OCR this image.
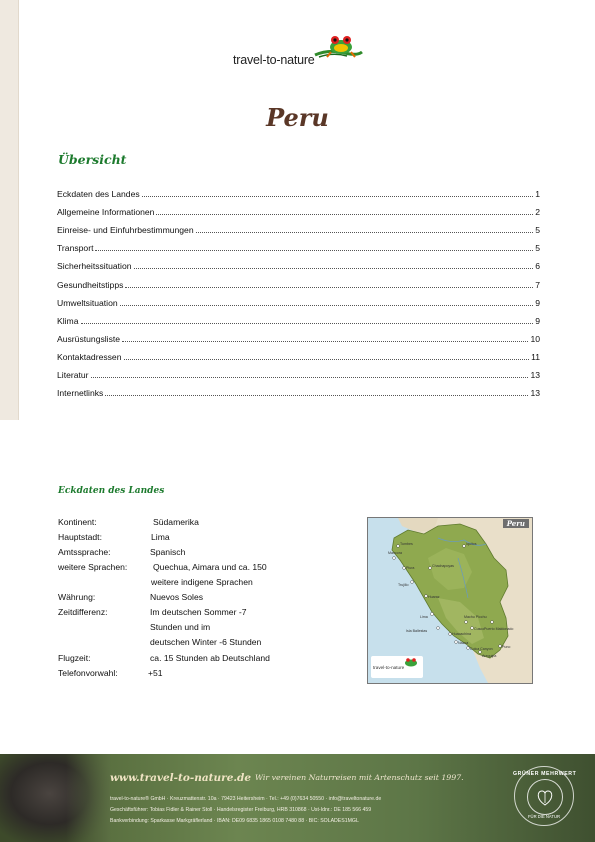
travel-to-nature
Peru
Übersicht
Eckdaten des Landes	1
Allgemeine Informationen	2
Einreise- und Einfuhrbestimmungen	5
Transport	5
Sicherheitssituation	6
Gesundheitstipps	7
Umweltsituation	9
Klima	9
Ausrüstungsliste	10
Kontaktadressen	11
Literatur	13
Internetlinks	13
Eckdaten des Landes
Kontinent:	Südamerika
Hauptstadt:	Lima
Amtssprache:	Spanisch
weitere Sprachen:	Quechua, Aimara und ca. 150
weitere indigene Sprachen
Währung:	Nuevos Soles
Zeitdifferenz:	Im deutschen Sommer -7
Stunden und im
deutschen Winter -6 Stunden
Flugzeit:	ca. 15 Stunden ab Deutschland
Telefonvorwahl:	+51
Tumbes
Mancora
Piura
Trujillo
Chachapoyas
Iquitos
Huaraz
Lima
Isla Ballestas
Huacachina
Nazca
Cusco
Machu Picchu
Puerto Maldonado
Colca Canyon
Arequipa
Puno
Peru
travel-to-nature
www.travel-to-nature.de Wir vereinen Naturreisen mit Artenschutz seit 1997.
travel-to-nature® GmbH · Kreuzmattenstr. 10a · 79423 Heitersheim · Tel.: +49 (0)7634 50550 · info@traveltonature.de
Geschäftsführer: Tobias Fidler & Rainer Stoll · Handelsregister Freiburg, HRB 310868 · Ust-Idnr.: DE 185 566 459
Bankverbindung: Sparkasse Markgräflerland · IBAN: DE09 6835 1865 0108 7480 88 · BIC: SOLADES1MGL
GRÜNER MEHRWERT
FÜR DIE NATUR
